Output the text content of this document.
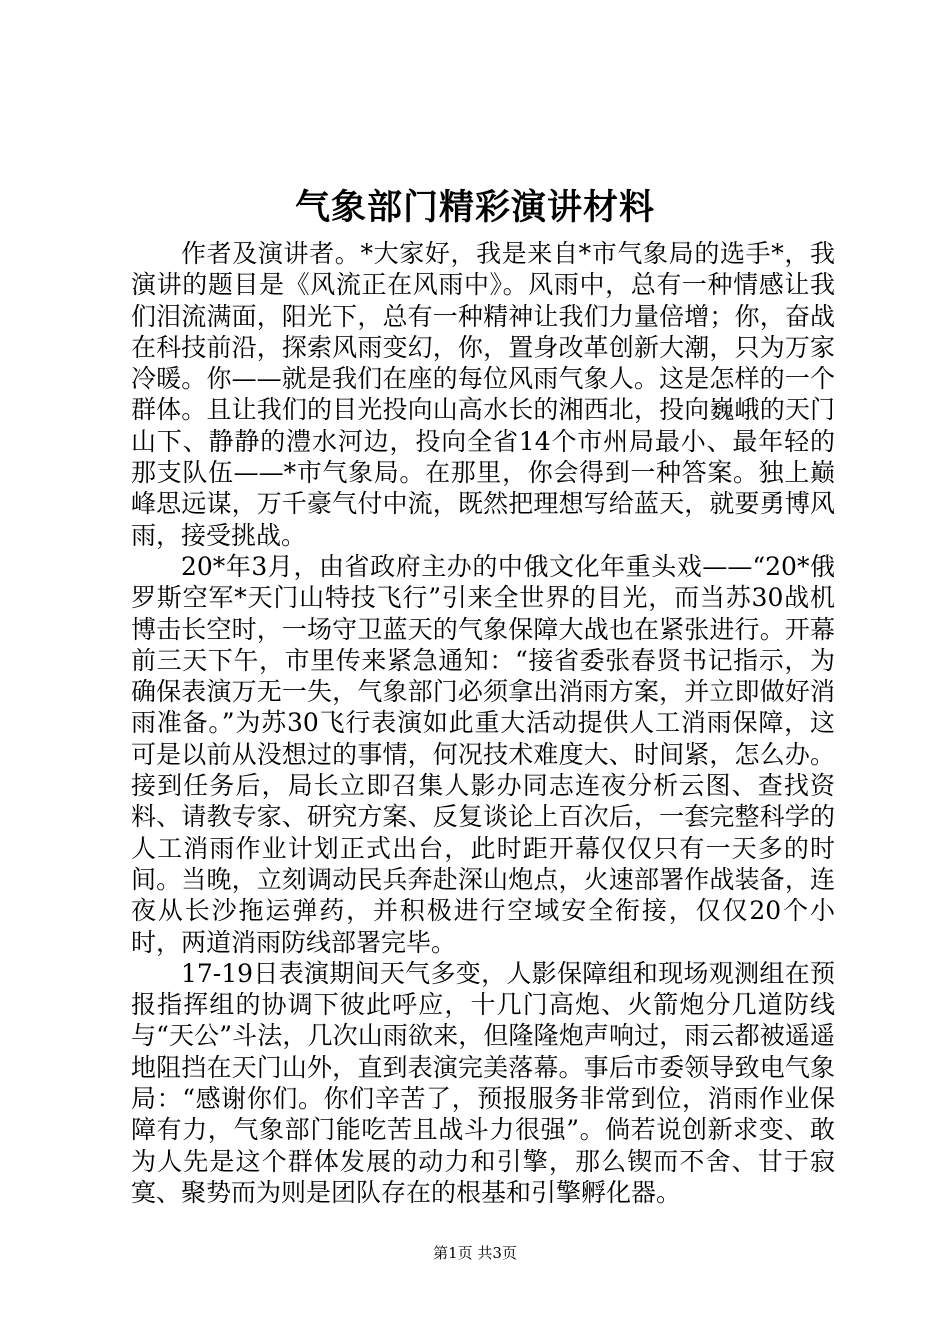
气象部门精彩演讲材料

作者及演讲者。*大家好，我是来自*市气象局的选手*，我演讲的题目是《风流正在风雨中》。风雨中，总有一种情感让我们泪流满面，阳光下，总有一种精神让我们力量倍增；你，奋战在科技前沿，探索风雨变幻，你，置身改革创新大潮，只为万家冷暖。你——就是我们在座的每位风雨气象人。这是怎样的一个群体。且让我们的目光投向山高水长的湘西北，投向巍峨的天门山下、静静的澧水河边，投向全省14个市州局最小、最年轻的那支队伍——*市气象局。在那里，你会得到一种答案。独上巅峰思远谋，万千豪气付中流，既然把理想写给蓝天，就要勇博风雨，接受挑战。

20*年3月，由省政府主办的中俄文化年重头戏——“20*俄罗斯空军*天门山特技飞行”引来全世界的目光，而当苏30战机博击长空时，一场守卫蓝天的气象保障大战也在紧张进行。开幕前三天下午，市里传来紧急通知：“接省委张春贤书记指示，为确保表演万无一失，气象部门必须拿出消雨方案，并立即做好消雨准备。”为苏30飞行表演如此重大活动提供人工消雨保障，这可是以前从没想过的事情，何况技术难度大、时间紧，怎么办。接到任务后，局长立即召集人影办同志连夜分析云图、查找资料、请教专家、研究方案、反复谈论上百次后，一套完整科学的人工消雨作业计划正式出台，此时距开幕仅仅只有一天多的时间。当晚，立刻调动民兵奔赴深山炮点，火速部署作战装备，连夜从长沙拖运弹药，并积极进行空域安全衔接，仅仅20个小时，两道消雨防线部署完毕。

17-19日表演期间天气多变，人影保障组和现场观测组在预报指挥组的协调下彼此呼应，十几门高炮、火箭炮分几道防线与“天公”斗法，几次山雨欲来，但隆隆炮声响过，雨云都被遥遥地阻挡在天门山外，直到表演完美落幕。事后市委领导致电气象局：“感谢你们。你们辛苦了，预报服务非常到位，消雨作业保障有力，气象部门能吃苦且战斗力很强”。倘若说创新求变、敢为人先是这个群体发展的动力和引擎，那么锲而不舍、甘于寂寞、聚势而为则是团队存在的根基和引擎孵化器。

第1页 共3页
